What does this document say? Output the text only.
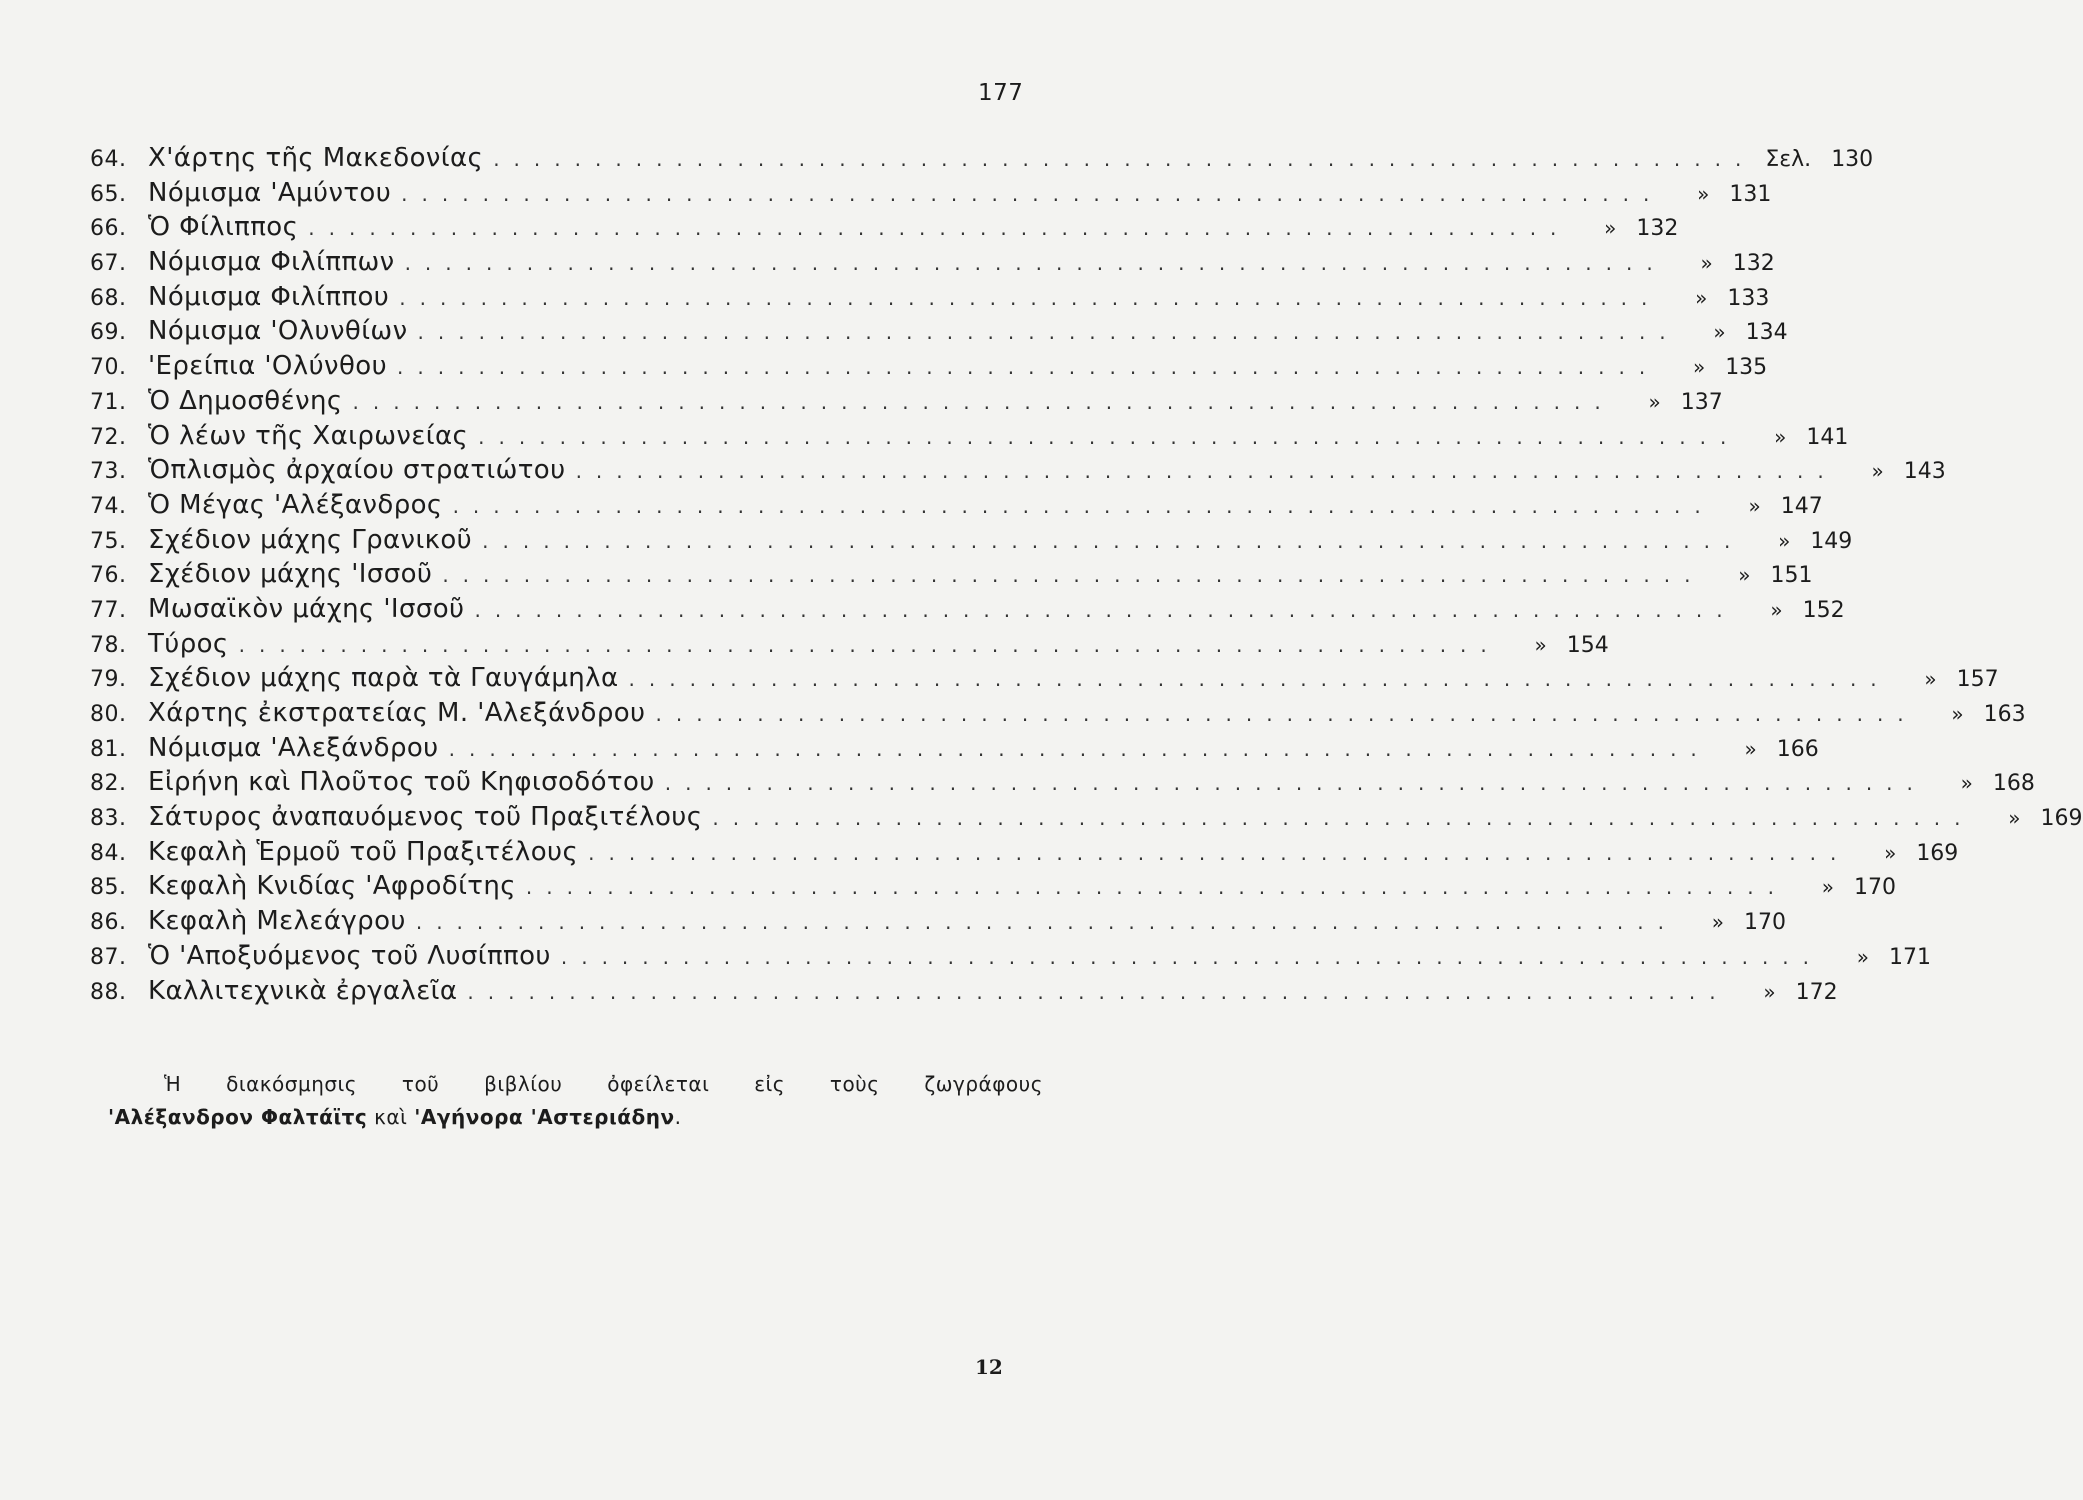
177
64. Χ'άρτης τῆς Μακεδονίας .............................................................. Σελ. 130
65. Νόμισμα 'Αμύντου ..............................................................	» 131
66. Ὁ Φίλιππος ..............................................................	» 132
67. Νόμισμα Φιλίππων ..............................................................	» 132
68. Νόμισμα Φιλίππου ..............................................................	» 133
69. Νόμισμα 'Ολυνθίων ..............................................................	» 134
70. 'Ερείπια 'Ολύνθου ..............................................................	» 135
71. Ὁ Δημοσθένης ..............................................................	» 137
72. Ὁ λέων τῆς Χαιρωνείας ..............................................................	» 141
73. Ὁπλισμὸς ἀρχαίου στρατιώτου ..............................................................	» 143
74. Ὁ Μέγας 'Αλέξανδρος ..............................................................	» 147
75. Σχέδιον μάχης Γρανικοῦ ..............................................................	» 149
76. Σχέδιον μάχης 'Ισσοῦ ..............................................................	» 151
77. Μωσαϊκὸν μάχης 'Ισσοῦ ..............................................................	» 152
78. Τύρος ..............................................................	» 154
79. Σχέδιον μάχης παρὰ τὰ Γαυγάμηλα ..............................................................	» 157
80. Χάρτης ἐκστρατείας Μ. 'Αλεξάνδρου ..............................................................	» 163
81. Νόμισμα 'Αλεξάνδρου ..............................................................	» 166
82. Εἰρήνη καὶ Πλοῦτος τοῦ Κηφισοδότου ..............................................................	» 168
83. Σάτυρος ἀναπαυόμενος τοῦ Πραξιτέλους ..............................................................	» 169
84. Κεφαλὴ Ἑρμοῦ τοῦ Πραξιτέλους ..............................................................	» 169
85. Κεφαλὴ Κνιδίας 'Αφροδίτης ..............................................................	» 170
86. Κεφαλὴ Μελεάγρου ..............................................................	» 170
87. Ὁ 'Αποξυόμενος τοῦ Λυσίππου ..............................................................	» 171
88. Καλλιτεχνικὰ ἐργαλεῖα ..............................................................	» 172
Ἡ διακόσμησις τοῦ βιβλίου ὀφείλεται εἰς τοὺς ζωγράφους
'Αλέξανδρον Φαλτάϊτς καὶ 'Αγήνορα 'Αστεριάδην.
12
